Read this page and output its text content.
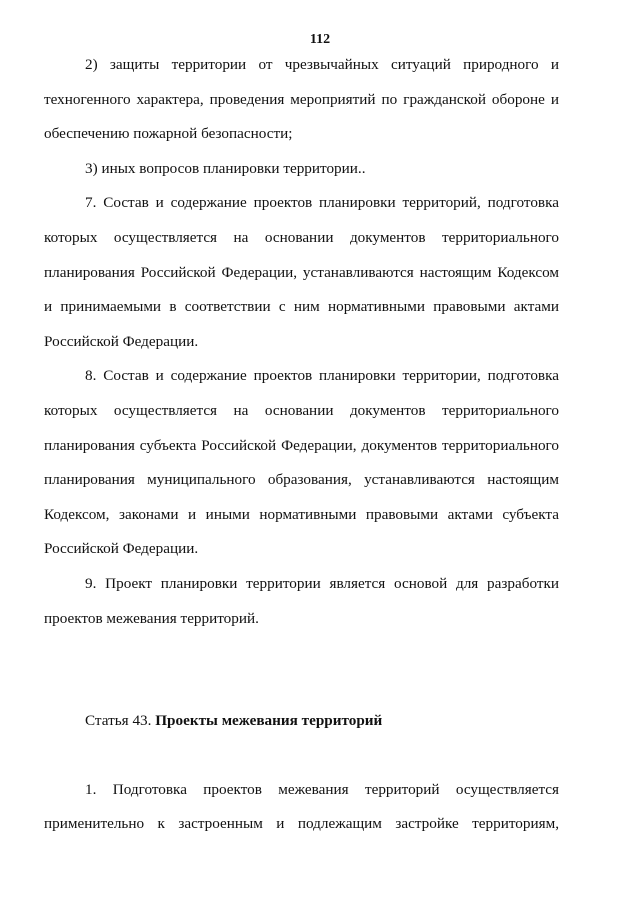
112

2) защиты территории от чрезвычайных ситуаций природного и техногенного характера, проведения мероприятий по гражданской обороне и обеспечению пожарной безопасности;

3) иных вопросов планировки территории..

7. Состав и содержание проектов планировки территорий, подготовка которых осуществляется на основании документов территориального планирования Российской Федерации, устанавливаются настоящим Кодексом и принимаемыми в соответствии с ним нормативными правовыми актами Российской Федерации.

8. Состав и содержание проектов планировки территории, подготовка которых осуществляется на основании документов территориального планирования субъекта Российской Федерации, документов территориального планирования муниципального образования, устанавливаются настоящим Кодексом, законами и иными нормативными правовыми актами субъекта Российской Федерации.

9. Проект планировки территории является основой для разработки проектов межевания территорий.

Статья 43. Проекты межевания территорий

1. Подготовка проектов межевания территорий осуществляется применительно к застроенным и подлежащим застройке территориям,
